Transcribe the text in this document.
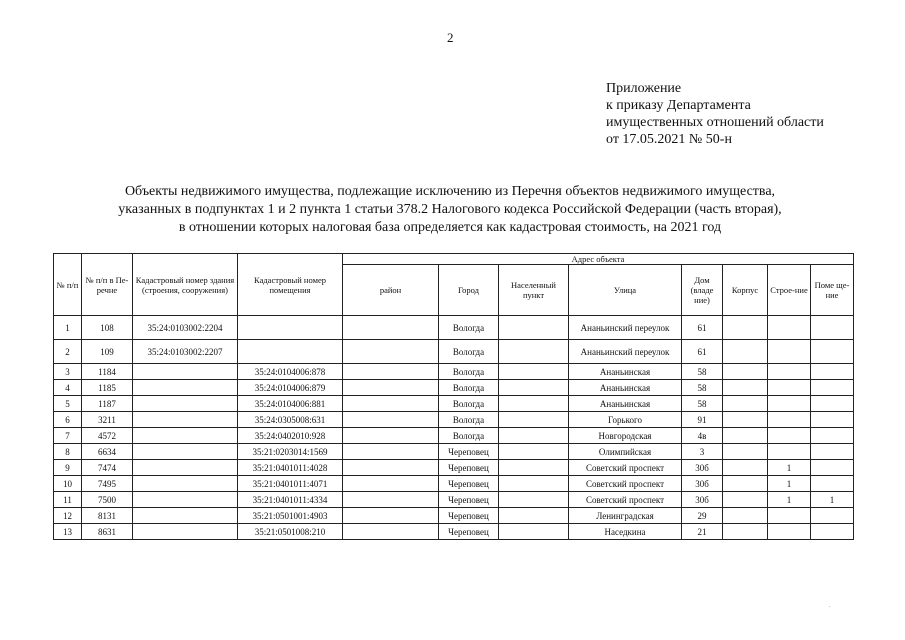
2
Приложение
к приказу Департамента
имущественных отношений области
от 17.05.2021 № 50-н
Объекты недвижимого имущества, подлежащие исключению из Перечня объектов недвижимого имущества,
указанных в подпунктах 1 и 2 пункта 1 статьи 378.2 Налогового кодекса Российской Федерации (часть вторая),
в отношении которых налоговая база определяется как кадастровая стоимость, на 2021 год
№ п/п	№ п/п в Пе-речне	Кадастровый номер здания (строения, сооружения)	Кадастровый номер помещения	Адрес объекта							
				район	Город	Населенный пункт	Улица	Дом (владе ние)	Корпус	Строе-ние	Поме ще-ние
1	108	35:24:0103002:2204			Вологда		Ананьинский переулок	61			
2	109	35:24:0103002:2207			Вологда		Ананьинский переулок	61			
3	1184		35:24:0104006:878		Вологда		Ананьинская	58			
4	1185		35:24:0104006:879		Вологда		Ананьинская	58			
5	1187		35:24:0104006:881		Вологда		Ананьинская	58			
6	3211		35:24:0305008:631		Вологда		Горького	91			
7	4572		35:24:0402010:928		Вологда		Новгородская	4в			
8	6634		35:21:0203014:1569		Череповец		Олимпийская	3			
9	7474		35:21:0401011:4028		Череповец		Советский проспект	30б		1	
10	7495		35:21:0401011:4071		Череповец		Советский проспект	30б		1	
11	7500		35:21:0401011:4334		Череповец		Советский проспект	30б		1	1
12	8131		35:21:0501001:4903		Череповец		Ленинградская	29			
13	8631		35:21:0501008:210		Череповец		Наседкина	21			
.
